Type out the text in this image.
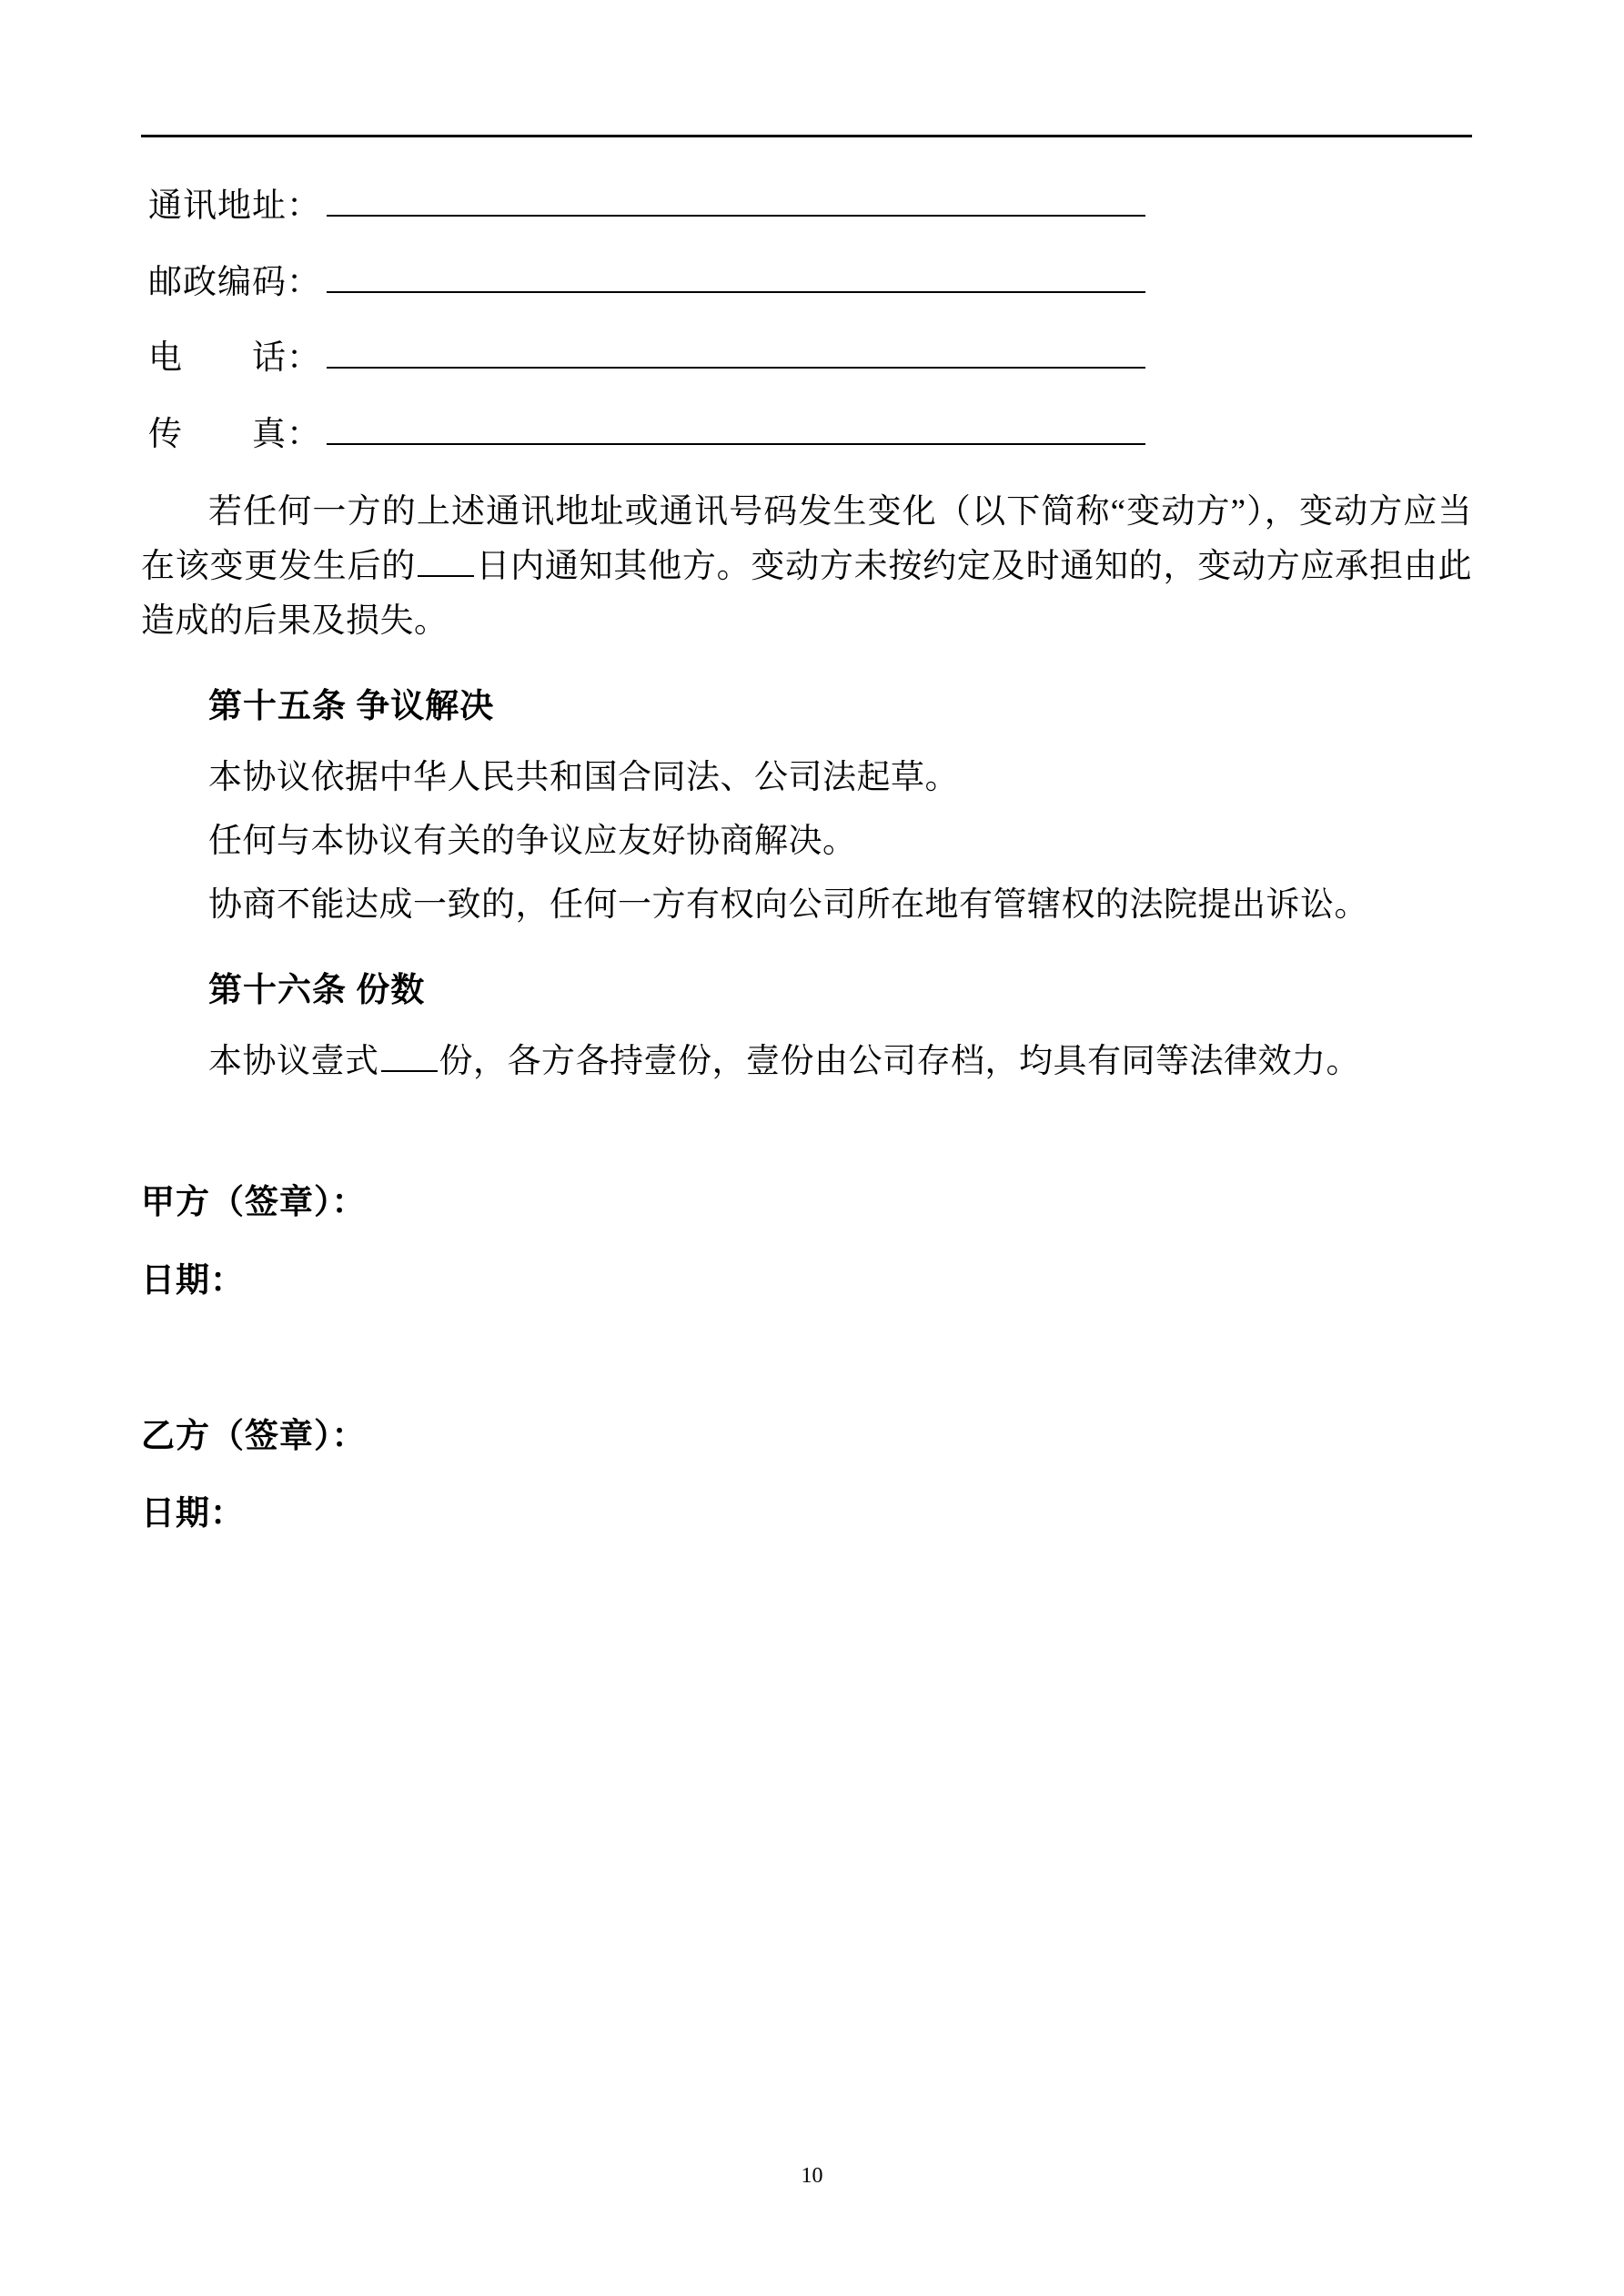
通讯地址：
邮政编码：
电　　话：
传　　真：

若任何一方的上述通讯地址或通讯号码发生变化（以下简称“变动方”），变动方应当在该变更发生后的 日内通知其他方。变动方未按约定及时通知的，变动方应承担由此造成的后果及损失。

第十五条 争议解决

本协议依据中华人民共和国合同法、公司法起草。

任何与本协议有关的争议应友好协商解决。

协商不能达成一致的，任何一方有权向公司所在地有管辖权的法院提出诉讼。

第十六条 份数

本协议壹式 份，各方各持壹份，壹份由公司存档，均具有同等法律效力。

甲方（签章）：
日期：
乙方（签章）：
日期：
10
